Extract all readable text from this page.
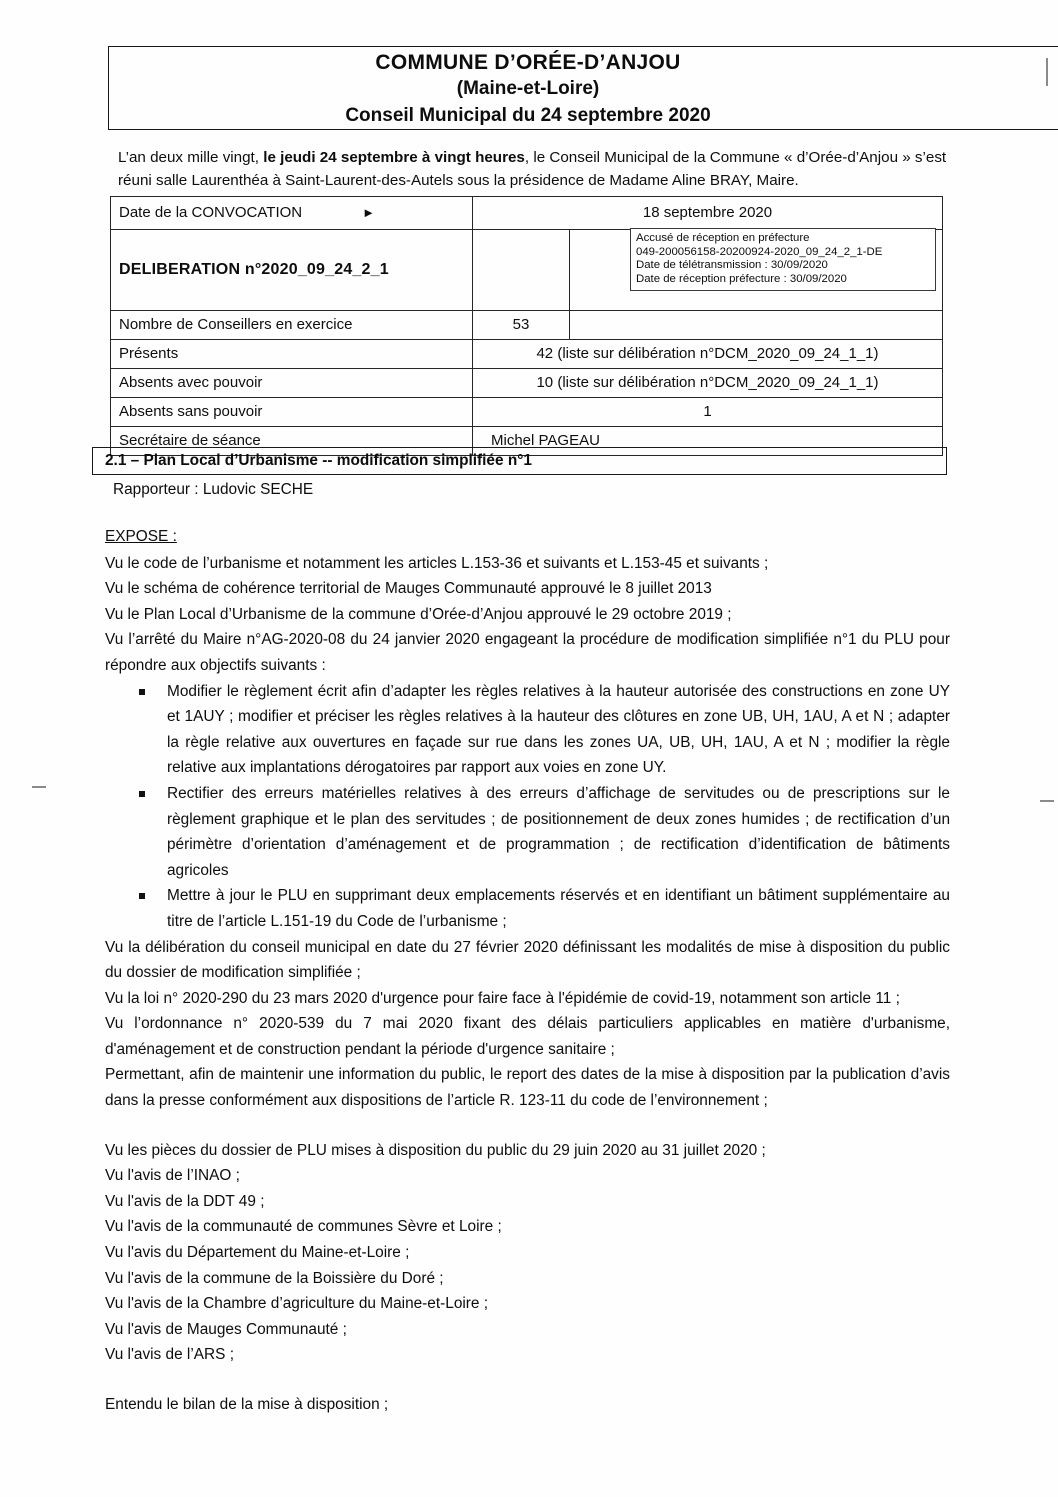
COMMUNE D’ORÉE-D’ANJOU
(Maine-et-Loire)
Conseil Municipal du 24 septembre 2020
L’an deux mille vingt, le jeudi 24 septembre à vingt heures, le Conseil Municipal de la Commune « d’Orée-d’Anjou » s’est réuni salle Laurenthéa à Saint-Laurent-des-Autels sous la présidence de Madame Aline BRAY, Maire.
Date de la CONVOCATION ►	18 septembre 2020	
DELIBERATION n°2020_09_24_2_1		
Nombre de Conseillers en exercice	53	
Présents	42 (liste sur délibération n°DCM_2020_09_24_1_1)	
Absents avec pouvoir	10 (liste sur délibération n°DCM_2020_09_24_1_1)	
Absents sans pouvoir	1	
Secrétaire de séance	Michel PAGEAU	
Accusé de réception en préfecture
049-200056158-20200924-2020_09_24_2_1-DE
Date de télétransmission : 30/09/2020
Date de réception préfecture : 30/09/2020
2.1 – Plan Local d’Urbanisme -- modification simplifiée n°1
Rapporteur : Ludovic SECHE
EXPOSE :
Vu le code de l’urbanisme et notamment les articles L.153-36 et suivants et L.153-45 et suivants ;
Vu le schéma de cohérence territorial de Mauges Communauté approuvé le 8 juillet 2013
Vu le Plan Local d’Urbanisme de la commune d’Orée-d’Anjou approuvé le 29 octobre 2019 ;
Vu l’arrêté du Maire n°AG-2020-08 du 24 janvier 2020 engageant la procédure de modification simplifiée n°1 du PLU pour répondre aux objectifs suivants :
Modifier le règlement écrit afin d’adapter les règles relatives à la hauteur autorisée des constructions en zone UY et 1AUY ; modifier et préciser les règles relatives à la hauteur des clôtures en zone UB, UH, 1AU, A et N ; adapter la règle relative aux ouvertures en façade sur rue dans les zones UA, UB, UH, 1AU, A et N ; modifier la règle relative aux implantations dérogatoires par rapport aux voies en zone UY.
Rectifier des erreurs matérielles relatives à des erreurs d’affichage de servitudes ou de prescriptions sur le règlement graphique et le plan des servitudes ; de positionnement de deux zones humides ; de rectification d’un périmètre d’orientation d’aménagement et de programmation ; de rectification d’identification de bâtiments agricoles
Mettre à jour le PLU en supprimant deux emplacements réservés et en identifiant un bâtiment supplémentaire au titre de l’article L.151-19 du Code de l’urbanisme ;
Vu la délibération du conseil municipal en date du 27 février 2020 définissant les modalités de mise à disposition du public du dossier de modification simplifiée ;
Vu la loi n° 2020-290 du 23 mars 2020 d'urgence pour faire face à l'épidémie de covid-19, notamment son article 11 ;
Vu l’ordonnance n° 2020-539 du 7 mai 2020 fixant des délais particuliers applicables en matière d'urbanisme, d'aménagement et de construction pendant la période d'urgence sanitaire ;
Permettant, afin de maintenir une information du public, le report des dates de la mise à disposition par la publication d’avis dans la presse conformément aux dispositions de l’article R. 123-11 du code de l’environnement ;
Vu les pièces du dossier de PLU mises à disposition du public du 29 juin 2020 au 31 juillet 2020 ;
Vu l'avis de l’INAO ;
Vu l'avis de la DDT 49 ;
Vu l'avis de la communauté de communes Sèvre et Loire ;
Vu l'avis du Département du Maine-et-Loire ;
Vu l'avis de la commune de la Boissière du Doré ;
Vu l'avis de la Chambre d’agriculture du Maine-et-Loire ;
Vu l'avis de Mauges Communauté ;
Vu l'avis de l’ARS ;
Entendu le bilan de la mise à disposition ;
